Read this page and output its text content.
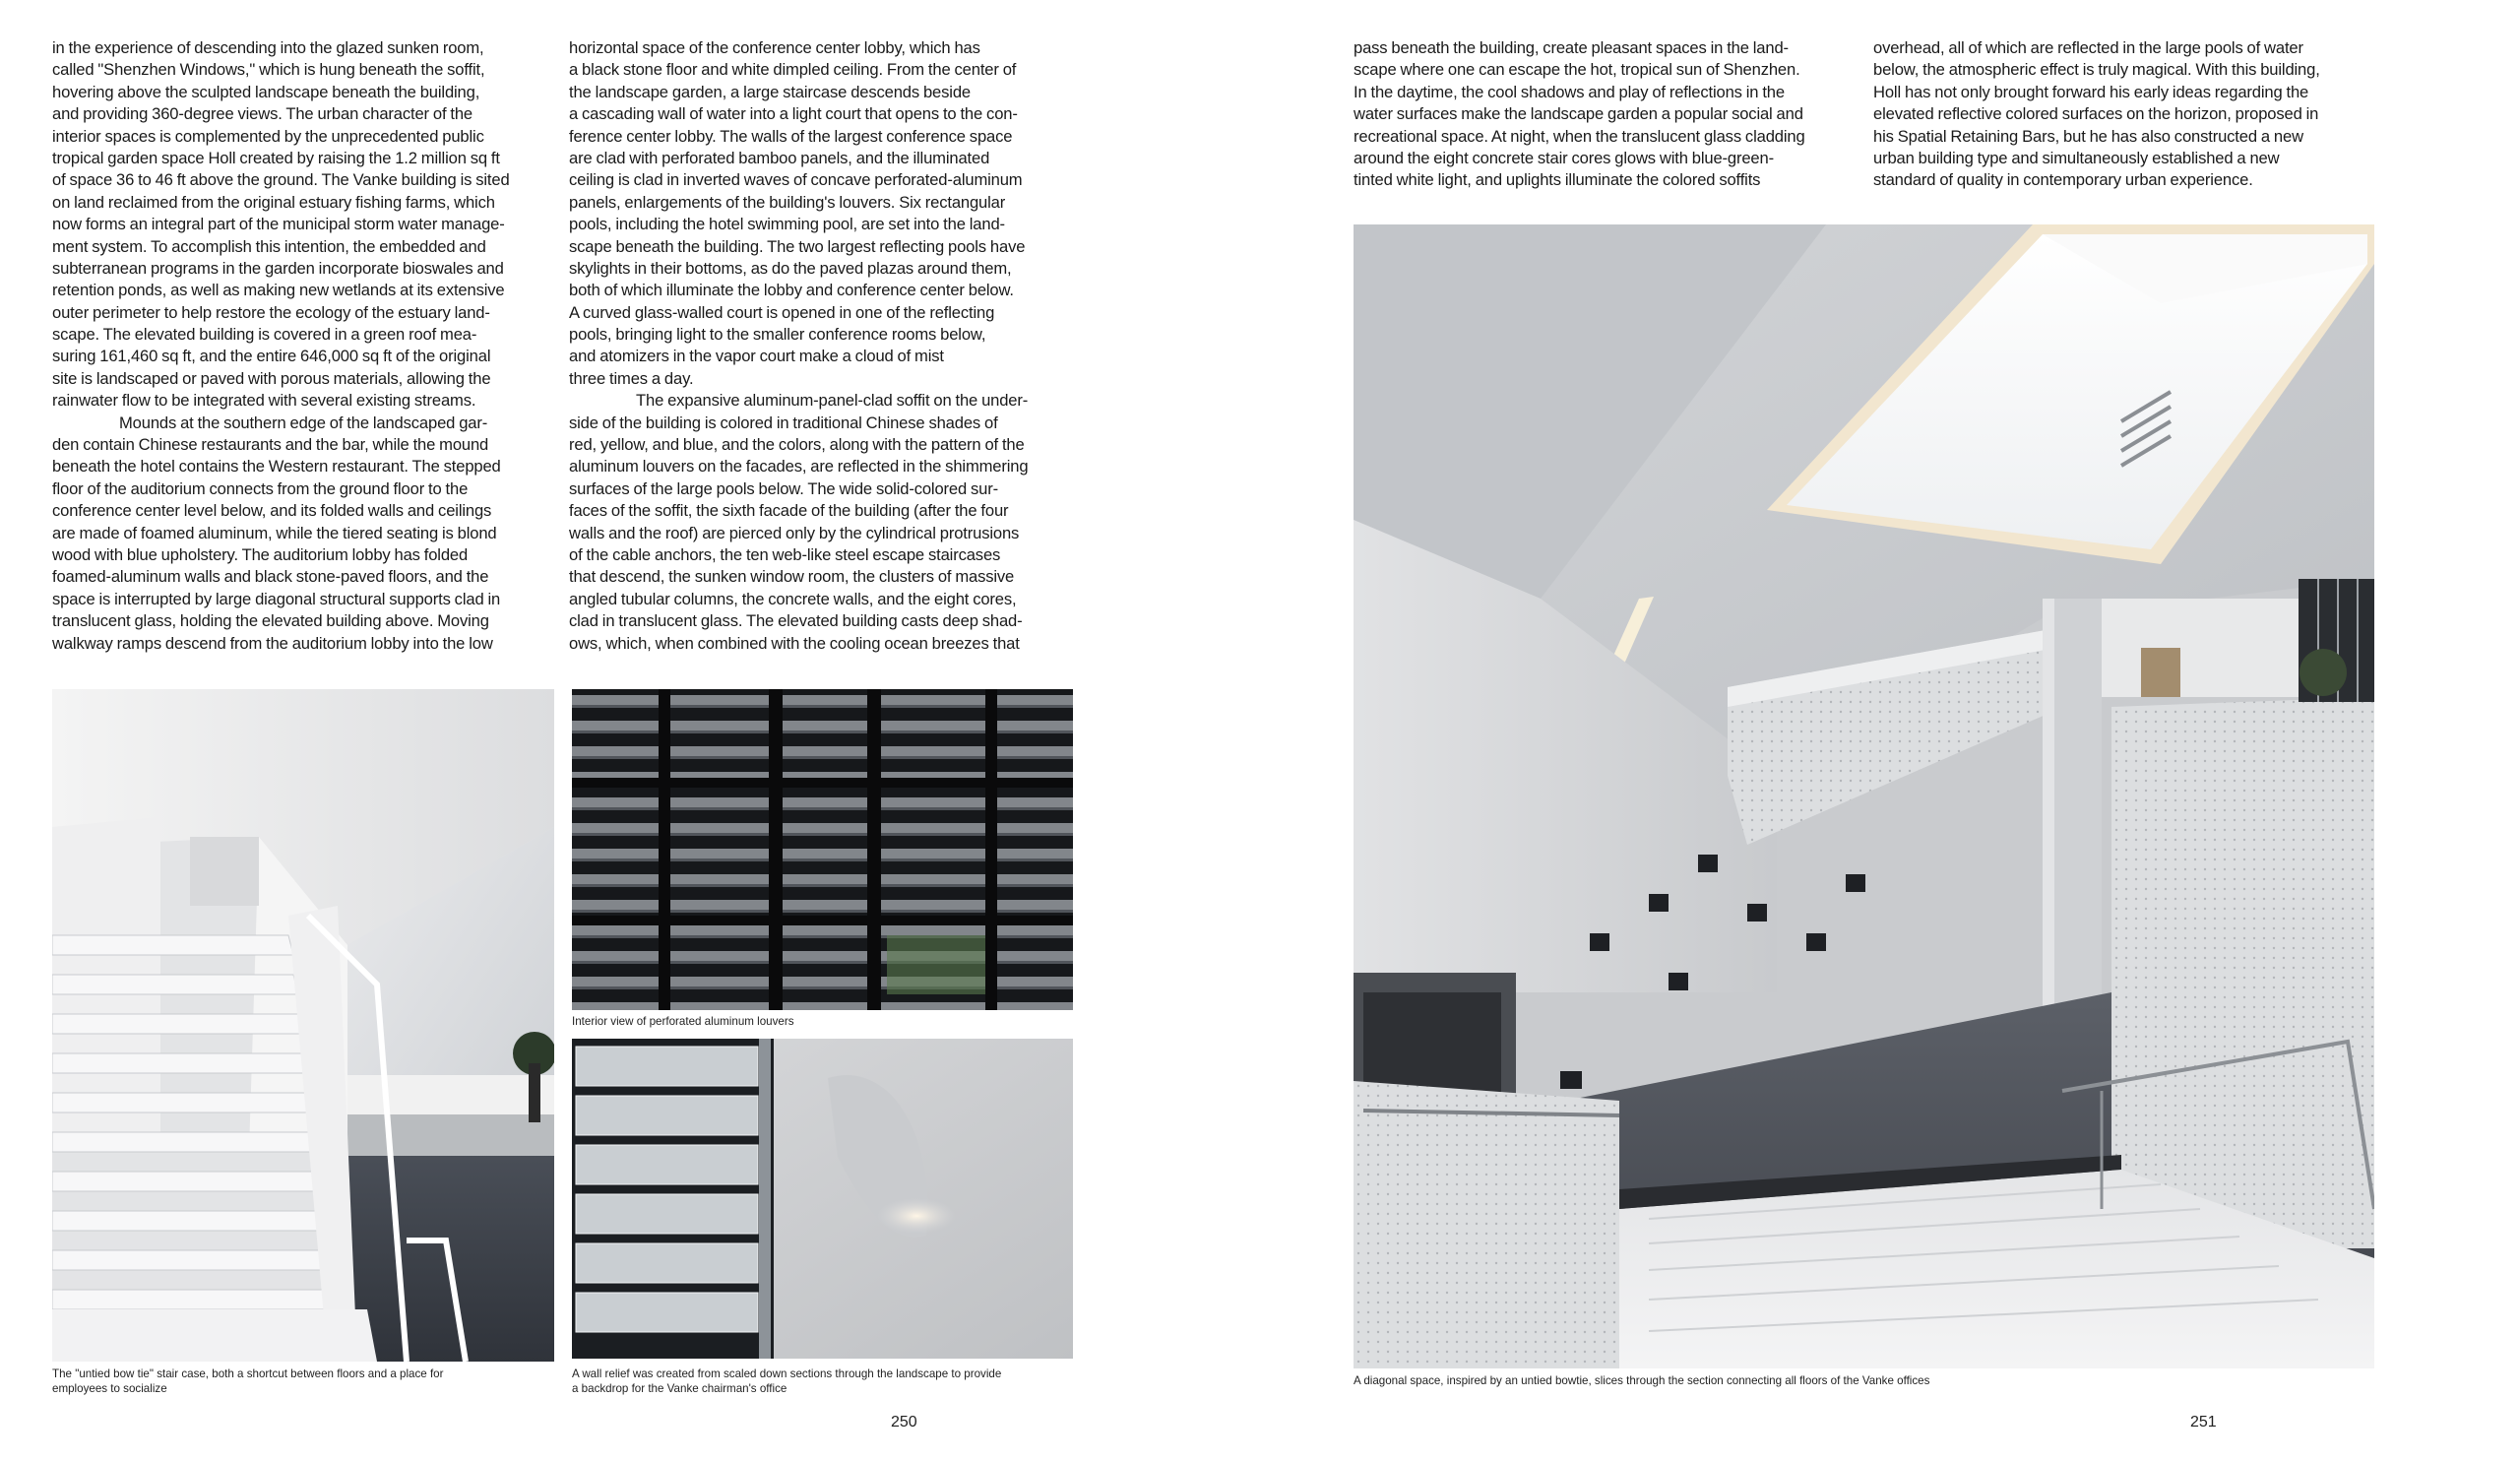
in the experience of descending into the glazed sunken room,
called "Shenzhen Windows," which is hung beneath the soffit,
hovering above the sculpted landscape beneath the building,
and providing 360-degree views. The urban character of the
interior spaces is complemented by the unprecedented public
tropical garden space Holl created by raising the 1.2 million sq ft
of space 36 to 46 ft above the ground. The Vanke building is sited
on land reclaimed from the original estuary fishing farms, which
now forms an integral part of the municipal storm water manage-
ment system. To accomplish this intention, the embedded and
subterranean programs in the garden incorporate bioswales and
retention ponds, as well as making new wetlands at its extensive
outer perimeter to help restore the ecology of the estuary land-
scape. The elevated building is covered in a green roof mea-
suring 161,460 sq ft, and the entire 646,000 sq ft of the original
site is landscaped or paved with porous materials, allowing the
rainwater flow to be integrated with several existing streams.
Mounds at the southern edge of the landscaped gar-
den contain Chinese restaurants and the bar, while the mound
beneath the hotel contains the Western restaurant. The stepped
floor of the auditorium connects from the ground floor to the
conference center level below, and its folded walls and ceilings
are made of foamed aluminum, while the tiered seating is blond
wood with blue upholstery. The auditorium lobby has folded
foamed-aluminum walls and black stone-paved floors, and the
space is interrupted by large diagonal structural supports clad in
translucent glass, holding the elevated building above. Moving
walkway ramps descend from the auditorium lobby into the low
horizontal space of the conference center lobby, which has
a black stone floor and white dimpled ceiling. From the center of
the landscape garden, a large staircase descends beside
a cascading wall of water into a light court that opens to the con-
ference center lobby. The walls of the largest conference space
are clad with perforated bamboo panels, and the illuminated
ceiling is clad in inverted waves of concave perforated-aluminum
panels, enlargements of the building's louvers. Six rectangular
pools, including the hotel swimming pool, are set into the land-
scape beneath the building. The two largest reflecting pools have
skylights in their bottoms, as do the paved plazas around them,
both of which illuminate the lobby and conference center below.
A curved glass-walled court is opened in one of the reflecting
pools, bringing light to the smaller conference rooms below,
and atomizers in the vapor court make a cloud of mist
three times a day.
The expansive aluminum-panel-clad soffit on the under-
side of the building is colored in traditional Chinese shades of
red, yellow, and blue, and the colors, along with the pattern of the
aluminum louvers on the facades, are reflected in the shimmering
surfaces of the large pools below. The wide solid-colored sur-
faces of the soffit, the sixth facade of the building (after the four
walls and the roof) are pierced only by the cylindrical protrusions
of the cable anchors, the ten web-like steel escape staircases
that descend, the sunken window room, the clusters of massive
angled tubular columns, the concrete walls, and the eight cores,
clad in translucent glass. The elevated building casts deep shad-
ows, which, when combined with the cooling ocean breezes that
The "untied bow tie" stair case, both a shortcut between floors and a place for
employees to socialize
Interior view of perforated aluminum louvers
A wall relief was created from scaled down sections through the landscape to provide
a backdrop for the Vanke chairman's office
250
pass beneath the building, create pleasant spaces in the land-
scape where one can escape the hot, tropical sun of Shenzhen.
In the daytime, the cool shadows and play of reflections in the
water surfaces make the landscape garden a popular social and
recreational space. At night, when the translucent glass cladding
around the eight concrete stair cores glows with blue-green-
tinted white light, and uplights illuminate the colored soffits
overhead, all of which are reflected in the large pools of water
below, the atmospheric effect is truly magical. With this building,
Holl has not only brought forward his early ideas regarding the
elevated reflective colored surfaces on the horizon, proposed in
his Spatial Retaining Bars, but he has also constructed a new
urban building type and simultaneously established a new
standard of quality in contemporary urban experience.
A diagonal space, inspired by an untied bowtie, slices through the section connecting all floors of the Vanke offices
251
